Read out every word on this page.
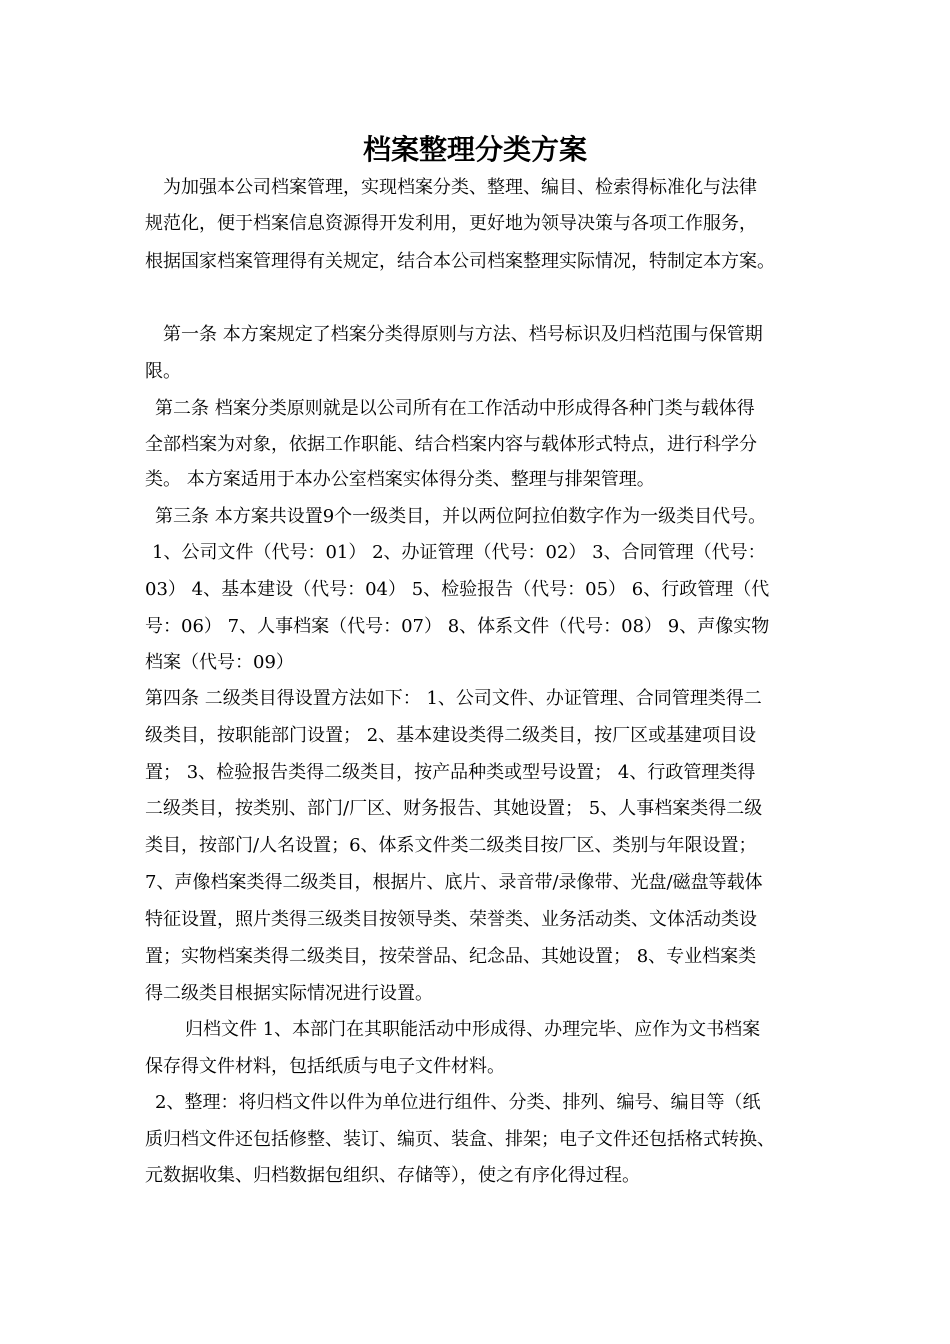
档案整理分类方案

为加强本公司档案管理，实现档案分类、整理、编目、检索得标准化与法律

规范化，便于档案信息资源得开发利用，更好地为领导决策与各项工作服务，

根据国家档案管理得有关规定，结合本公司档案整理实际情况，特制定本方案。

第一条 本方案规定了档案分类得原则与方法、档号标识及归档范围与保管期

限。

第二条 档案分类原则就是以公司所有在工作活动中形成得各种门类与载体得

全部档案为对象，依据工作职能、结合档案内容与载体形式特点，进行科学分

类。 本方案适用于本办公室档案实体得分类、整理与排架管理。

第三条 本方案共设置9个一级类目，并以两位阿拉伯数字作为一级类目代号。

1、公司文件（代号：01） 2、办证管理（代号：02） 3、合同管理（代号：

03） 4、基本建设（代号：04） 5、检验报告（代号：05） 6、行政管理（代

号：06） 7、人事档案（代号：07） 8、体系文件（代号：08） 9、声像实物

档案（代号：09）

第四条 二级类目得设置方法如下： 1、公司文件、办证管理、合同管理类得二

级类目，按职能部门设置； 2、基本建设类得二级类目，按厂区或基建项目设

置； 3、检验报告类得二级类目，按产品种类或型号设置； 4、行政管理类得

二级类目，按类别、部门/厂区、财务报告、其她设置； 5、人事档案类得二级

类目，按部门/人名设置；6、体系文件类二级类目按厂区、类别与年限设置；

7、声像档案类得二级类目，根据片、底片、录音带/录像带、光盘/磁盘等载体

特征设置，照片类得三级类目按领导类、荣誉类、业务活动类、文体活动类设

置；实物档案类得二级类目，按荣誉品、纪念品、其她设置； 8、专业档案类

得二级类目根据实际情况进行设置。

归档文件 1、本部门在其职能活动中形成得、办理完毕、应作为文书档案

保存得文件材料，包括纸质与电子文件材料。

2、整理：将归档文件以件为单位进行组件、分类、排列、编号、编目等（纸

质归档文件还包括修整、装订、编页、装盒、排架；电子文件还包括格式转换、

元数据收集、归档数据包组织、存储等），使之有序化得过程。
